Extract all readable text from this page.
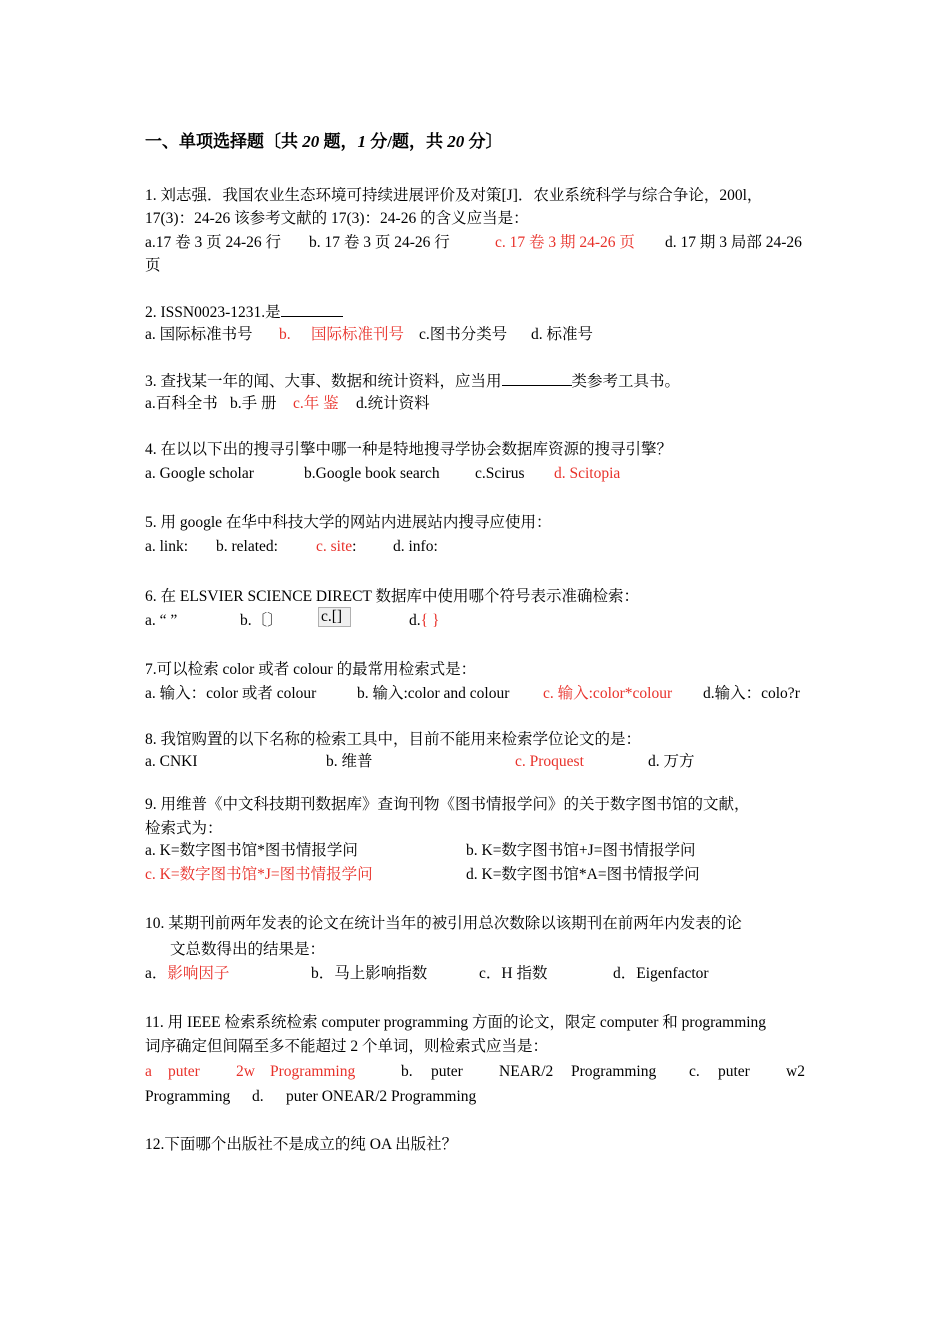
一、单项选择题〔共 20 题，1 分/题，共 20 分〕
1. 刘志强．我国农业生态环境可持续进展评价及对策[J]．农业系统科学与综合争论，200l，
17(3)：24-26 该参考文献的 17(3)：24-26 的含义应当是：
a.17 卷 3 页 24-26 行 b. 17 卷 3 页 24-26 行	c. 17 卷 3 期 24-26 页 d. 17 期 3 局部 24-26
页
2. ISSN0023-1231.是
a. 国际标准书号 b. 国际标准刊号 c.图书分类号 d. 标准号
3. 查找某一年的闻、大事、数据和统计资料，应当用	类参考工具书。
a.百科全书 b.手 册 c.年 鉴 d.统计资料
4. 在以以下出的搜寻引擎中哪一种是特地搜寻学协会数据库资源的搜寻引擎？
a. Google scholar	b.Google book search c.Scirus d. Scitopia
5. 用 google 在华中科技大学的网站内进展站内搜寻应使用：
a. link: b. related: c. site: d. info:
6. 在 ELSVIER SCIENCE DIRECT 数据库中使用哪个符号表示准确检索：
a. “ ”	b.〔〕 c.[]	d.{ }
7.可以检索 color 或者 colour 的最常用检索式是：
a. 输入：color 或者 colour	b. 输入:color and colour c. 输入:color*colour d.输入：colo?r
8. 我馆购置的以下名称的检索工具中，目前不能用来检索学位论文的是：
a. CNKI	b. 维普	c. Proquest	d. 万方
9. 用维普《中文科技期刊数据库》查询刊物《图书情报学问》的关于数字图书馆的文献，
检索式为：
a. K=数字图书馆*图书情报学问	b. K=数字图书馆+J=图书情报学问
c. K=数字图书馆*J=图书情报学问	d. K=数字图书馆*A=图书情报学问
10. 某期刊前两年发表的论文在统计当年的被引用总次数除以该期刊在前两年内发表的论
文总数得出的结果是：
a．影响因子	b．马上影响指数	c．H 指数	d．Eigenfactor
11. 用 IEEE 检索系统检索 computer programming 方面的论文，限定 computer 和 programming
词序确定但间隔至多不能超过 2 个单词，则检索式应当是：
a puter 2w Programming	b. puter NEAR/2 Programming c. puter w2
Programming d. puter ONEAR/2 Programming
12.下面哪个出版社不是成立的纯 OA 出版社？
